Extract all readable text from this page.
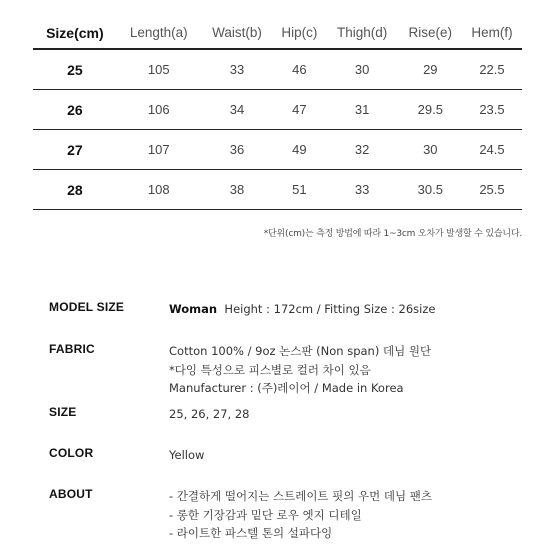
Size(cm)	Length(a)	Waist(b)	Hip(c)	Thigh(d)	Rise(e)	Hem(f)
25	105	33	46	30	29	22.5
26	106	34	47	31	29.5	23.5
27	107	36	49	32	30	24.5
28	108	38	51	33	30.5	25.5
*단위(cm)는 측정 방법에 따라 1~3cm 오차가 발생할 수 있습니다.
MODEL SIZE	Woman Height : 172cm / Fitting Size : 26size
FABRIC	Cotton 100% / 9oz 논스판 (Non span) 데님 원단
*다잉 특성으로 피스별로 컬러 차이 있음
Manufacturer : (주)레이어 / Made in Korea
SIZE	25, 26, 27, 28
COLOR	Yellow
ABOUT	- 간결하게 떨어지는 스트레이트 핏의 우먼 데님 팬츠
- 롱한 기장감과 밑단 로우 엣지 디테일
- 라이트한 파스텔 톤의 설파다잉
